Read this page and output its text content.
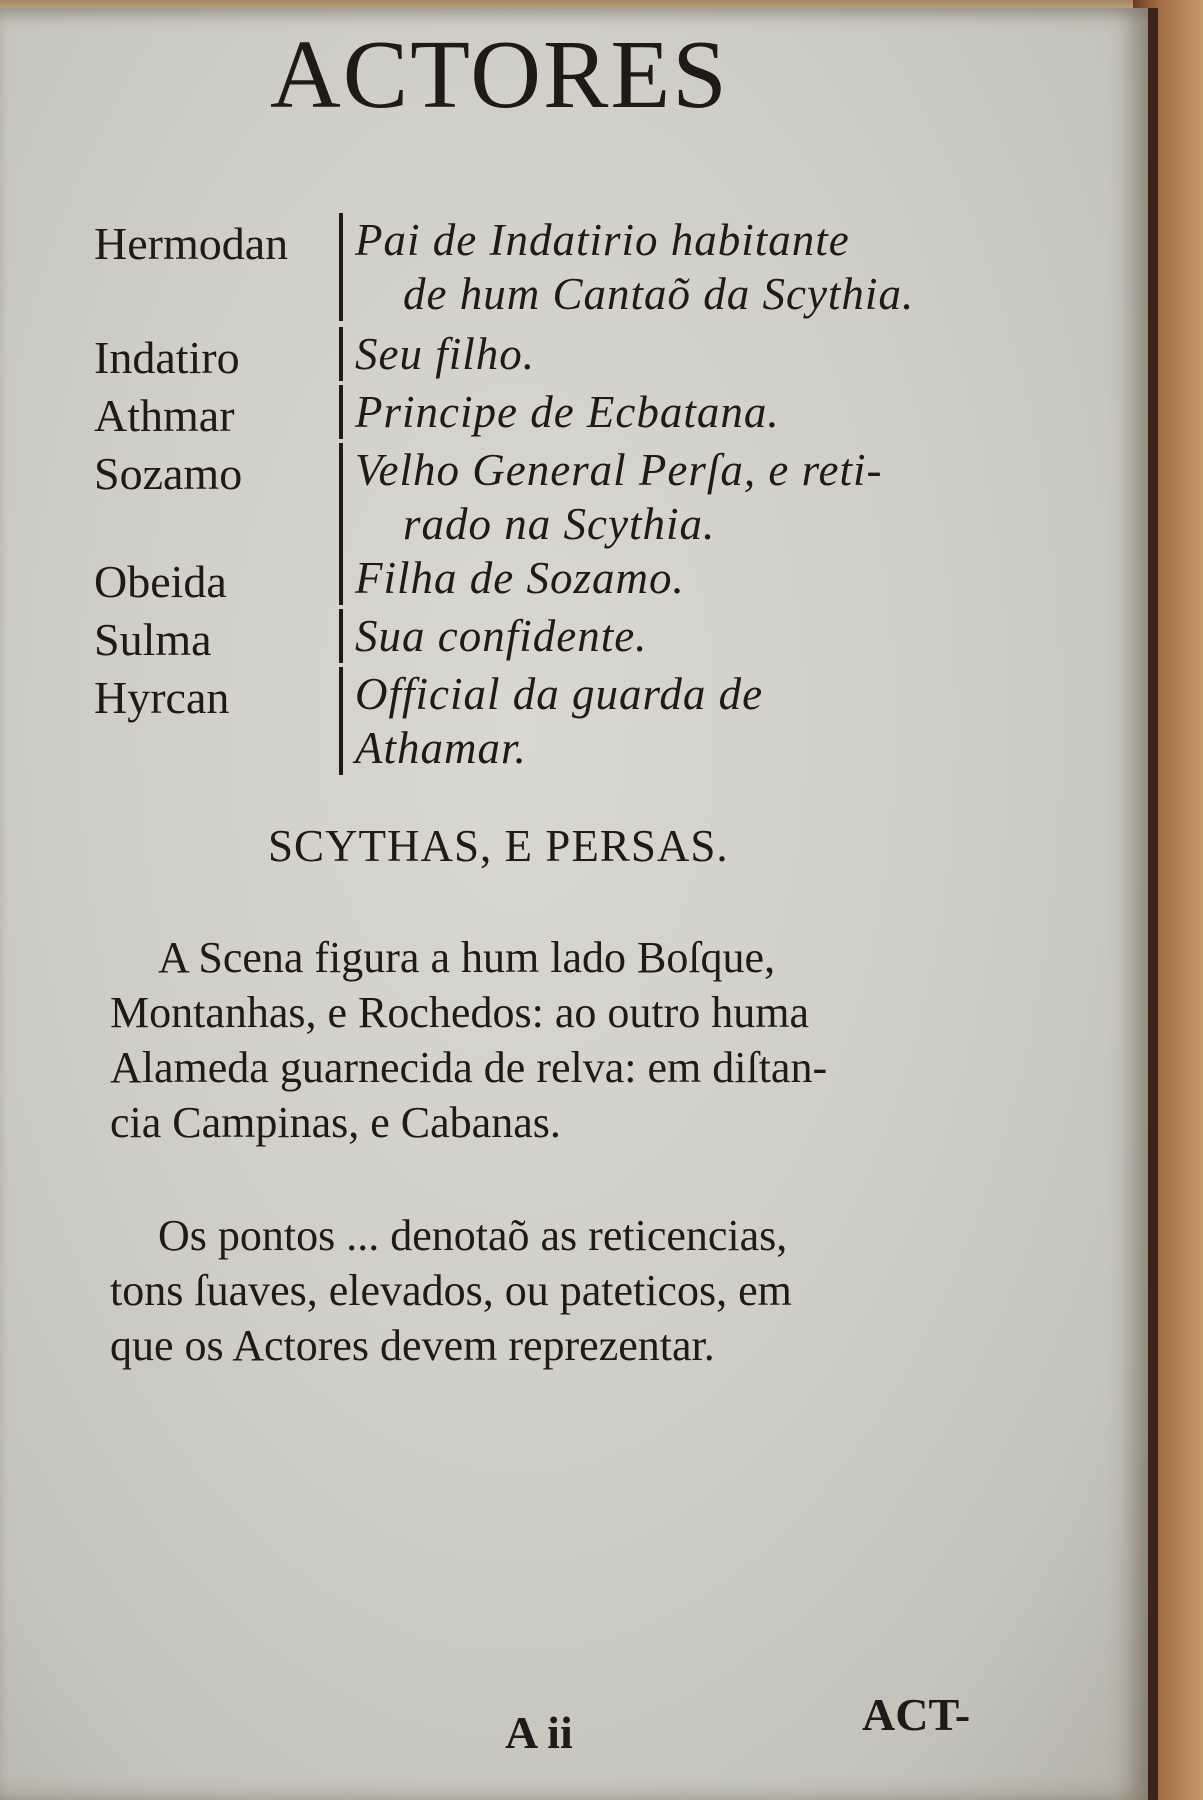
ACTORES
Hermodan	Pai de Indatirio habitante
de hum Cantaõ da Scythia.
Indatiro	Seu filho.
Athmar	Principe de Ecbatana.
Sozamo	Velho General Perſa, e reti-
rado na Scythia.
Obeida	Filha de Sozamo.
Sulma	Sua confidente.
Hyrcan	Official da guarda de Athamar.
SCYTHAS, E PERSAS.
A Scena figura a hum lado Boſque,
Montanhas, e Rochedos: ao outro huma
Alameda guarnecida de relva: em diſtan-
cia Campinas, e Cabanas.
Os pontos ... denotaõ as reticencias,
tons ſuaves, elevados, ou pateticos, em
que os Actores devem reprezentar.
A ii	ACT-
